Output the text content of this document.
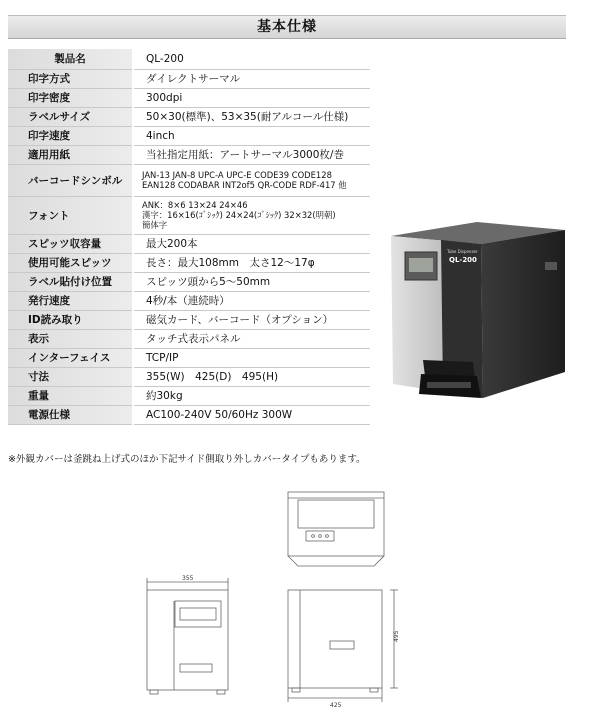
基本仕様
製品名	QL-200
印字方式	ダイレクトサーマル
印字密度	300dpi
ラベルサイズ	50×30(標準)、53×35(耐アルコール仕様)
印字速度	4inch
適用用紙	当社指定用紙：アートサーマル3000枚/巻
バーコードシンボル	JAN-13 JAN-8 UPC-A UPC-E CODE39 CODE128
EAN128 CODABAR INT2of5 QR-CODE RDF-417 他

フォント	ANK：8×6 13×24 24×46
漢字：16×16(ｺﾞｼｯｸ) 24×24(ｺﾞｼｯｸ) 32×32(明朝)
簡体字

スピッツ収容量	最大200本
使用可能スピッツ	長さ：最大108mm　太さ12～17φ
ラベル貼付け位置	スピッツ頭から5～50mm
発行速度	4秒/本（連続時）
ID読み取り	磁気カード、バーコード（オプション）
表示	タッチ式表示パネル
インターフェイス	TCP/IP
寸法	355(W)　425(D)　495(H)
重量	約30kg
電源仕様	AC100-240V 50/60Hz 300W
※外観カバーは釜跳ね上げ式のほか下記サイド側取り外しカバータイプもあります。
Tube Dispenser
QL-200
355
425
495
